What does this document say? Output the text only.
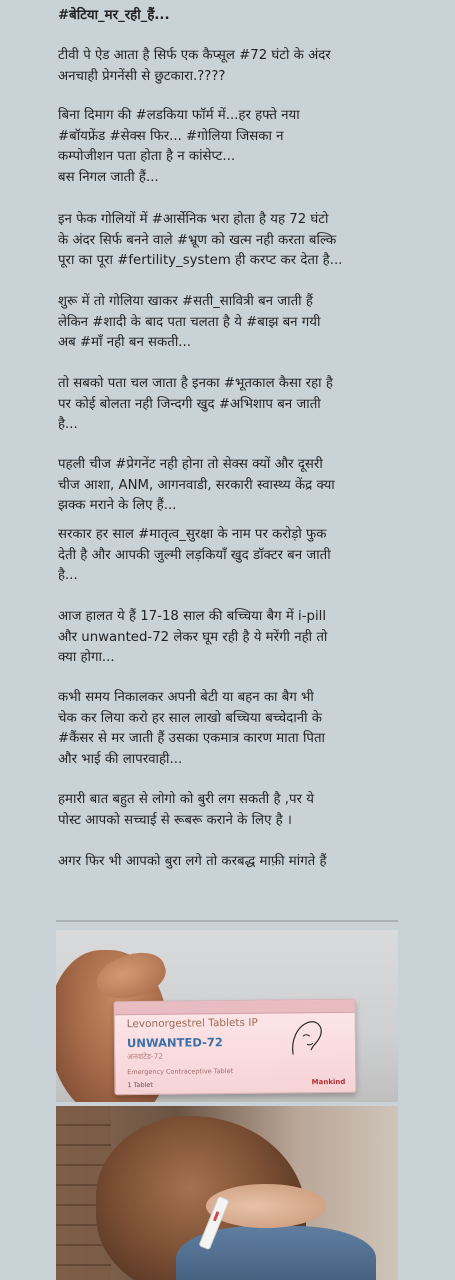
#बेटिया_मर_रही_हैं...
टीवी पे ऐड आता है सिर्फ एक कैप्सूल #72 घंटो के अंदर
अनचाही प्रेगनेंसी से छुटकारा.????
बिना दिमाग की #लडकिया फॉर्म में...हर हफ्ते नया
#बॉयफ्रेंड #सेक्स फिर... #गोलिया जिसका न
कम्पोजीशन पता होता है न कांसेप्ट...
बस निगल जाती हैं...
इन फेक गोलियों में #आर्सेनिक भरा होता है यह 72 घंटो
के अंदर सिर्फ बनने वाले #भ्रूण को खत्म नही करता बल्कि
पूरा का पूरा #fertility_system ही करप्ट कर देता है...
शुरू में तो गोलिया खाकर #सती_सावित्री बन जाती हैं
लेकिन #शादी के बाद पता चलता है ये #बाझ बन गयी
अब #माँ नही बन सकती...
तो सबको पता चल जाता है इनका #भूतकाल कैसा रहा है
पर कोई बोलता नही जिन्दगी खुद #अभिशाप बन जाती
है...
पहली चीज #प्रेगनेंट नही होना तो सेक्स क्यों और दूसरी
चीज आशा, ANM, आगनवाडी, सरकारी स्वास्थ्य केंद्र क्या
झक्क मराने के लिए हैं...
सरकार हर साल #मातृत्व_सुरक्षा के नाम पर करोड़ो फुक
देती है और आपकी जुल्मी लड़कियाँ खुद डॉक्टर बन जाती
है...
आज हालत ये हैं 17-18 साल की बच्चिया बैग में i-pill
और unwanted-72 लेकर घूम रही है ये मरेंगी नही तो
क्या होगा...
कभी समय निकालकर अपनी बेटी या बहन का बैग भी
चेक कर लिया करो हर साल लाखो बच्चिया बच्चेदानी के
#कैंसर से मर जाती हैं उसका एकमात्र कारण माता पिता
और भाई की लापरवाही...
हमारी बात बहुत से लोगो को बुरी लग सकती है ,पर ये
पोस्ट आपको सच्चाई से रूबरू कराने के लिए है ।
अगर फिर भी आपको बुरा लगे तो करबद्ध माफ़ी मांगते हैं
Levonorgestrel Tablets IP
UNWANTED-72
अनवांटेड-72
Emergency Contraceptive Tablet
1 Tablet	Mankind
